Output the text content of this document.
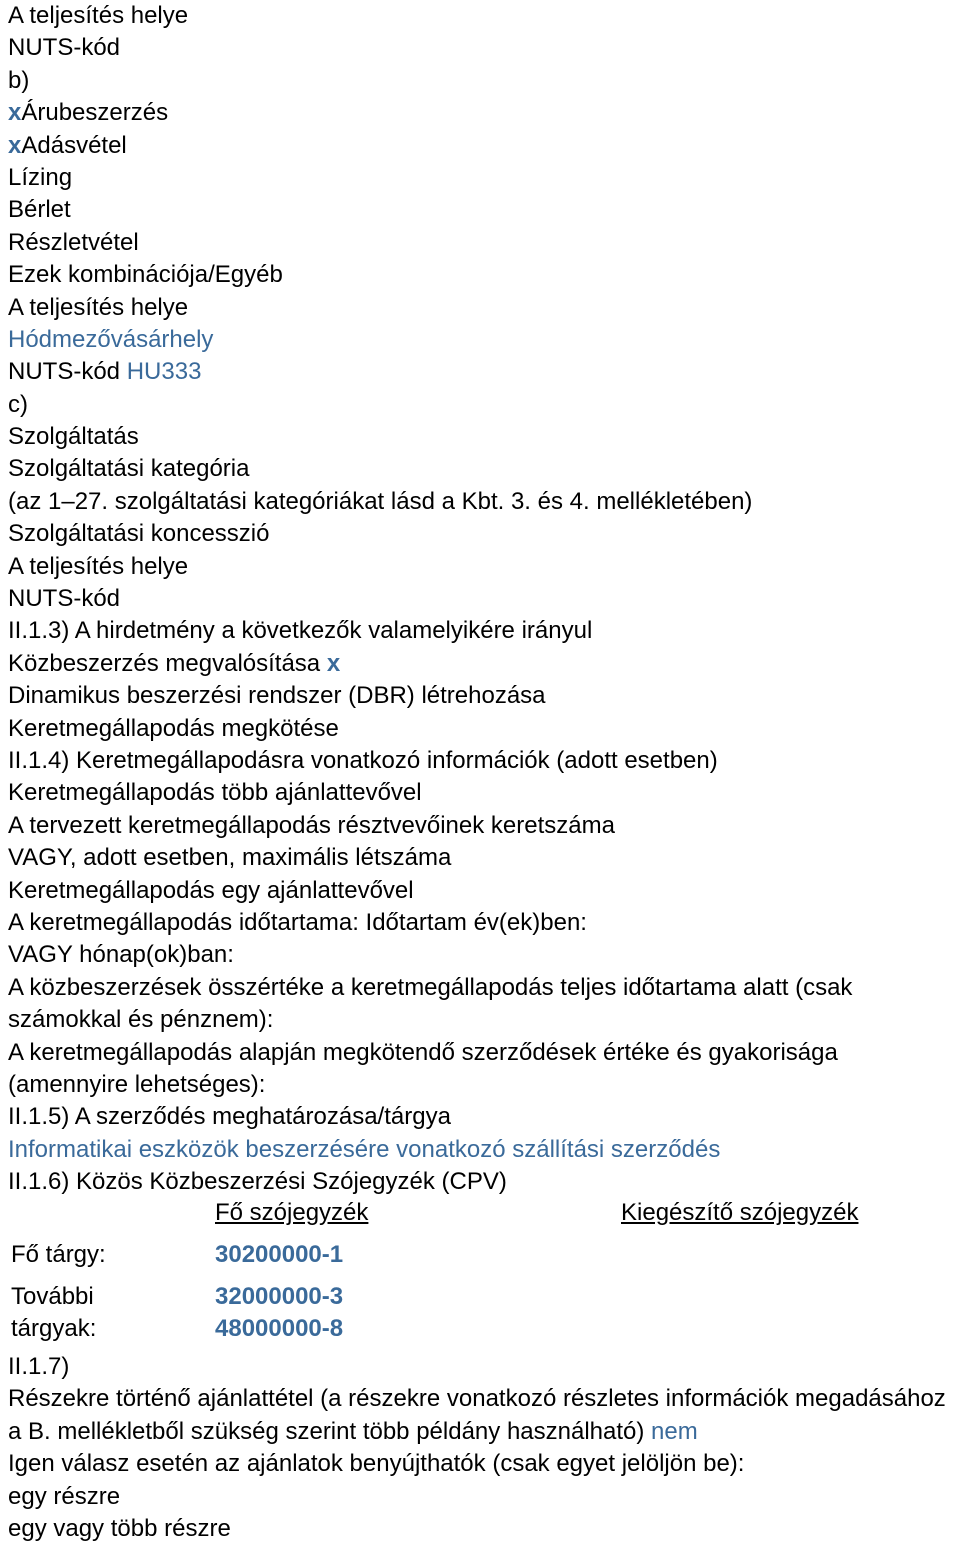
A teljesítés helye
NUTS-kód
b)
xÁrubeszerzés
xAdásvétel
Lízing
Bérlet
Részletvétel
Ezek kombinációja/Egyéb
A teljesítés helye
Hódmezővásárhely
NUTS-kód HU333
c)
Szolgáltatás
Szolgáltatási kategória
(az 1–27. szolgáltatási kategóriákat lásd a Kbt. 3. és 4. mellékletében)
Szolgáltatási koncesszió
A teljesítés helye
NUTS-kód
II.1.3) A hirdetmény a következők valamelyikére irányul
Közbeszerzés megvalósítása x
Dinamikus beszerzési rendszer (DBR) létrehozása
Keretmegállapodás megkötése
II.1.4) Keretmegállapodásra vonatkozó információk (adott esetben)
Keretmegállapodás több ajánlattevővel
A tervezett keretmegállapodás résztvevőinek keretszáma
VAGY, adott esetben, maximális létszáma
Keretmegállapodás egy ajánlattevővel
A keretmegállapodás időtartama: Időtartam év(ek)ben:
VAGY hónap(ok)ban:
A közbeszerzések összértéke a keretmegállapodás teljes időtartama alatt (csak számokkal és pénznem):
A keretmegállapodás alapján megkötendő szerződések értéke és gyakorisága (amennyire lehetséges):
II.1.5) A szerződés meghatározása/tárgya
Informatikai eszközök beszerzésére vonatkozó szállítási szerződés
II.1.6) Közös Közbeszerzési Szójegyzék (CPV)
Fő szójegyzék	Kiegészítő szójegyzék
Fő tárgy:	30200000-1
További
tárgyak:
32000000-3
48000000-8
II.1.7)
Részekre történő ajánlattétel (a részekre vonatkozó részletes információk megadásához a B. mellékletből szükség szerint több példány használható) nem
Igen válasz esetén az ajánlatok benyújthatók (csak egyet jelöljön be):
egy részre
egy vagy több részre
